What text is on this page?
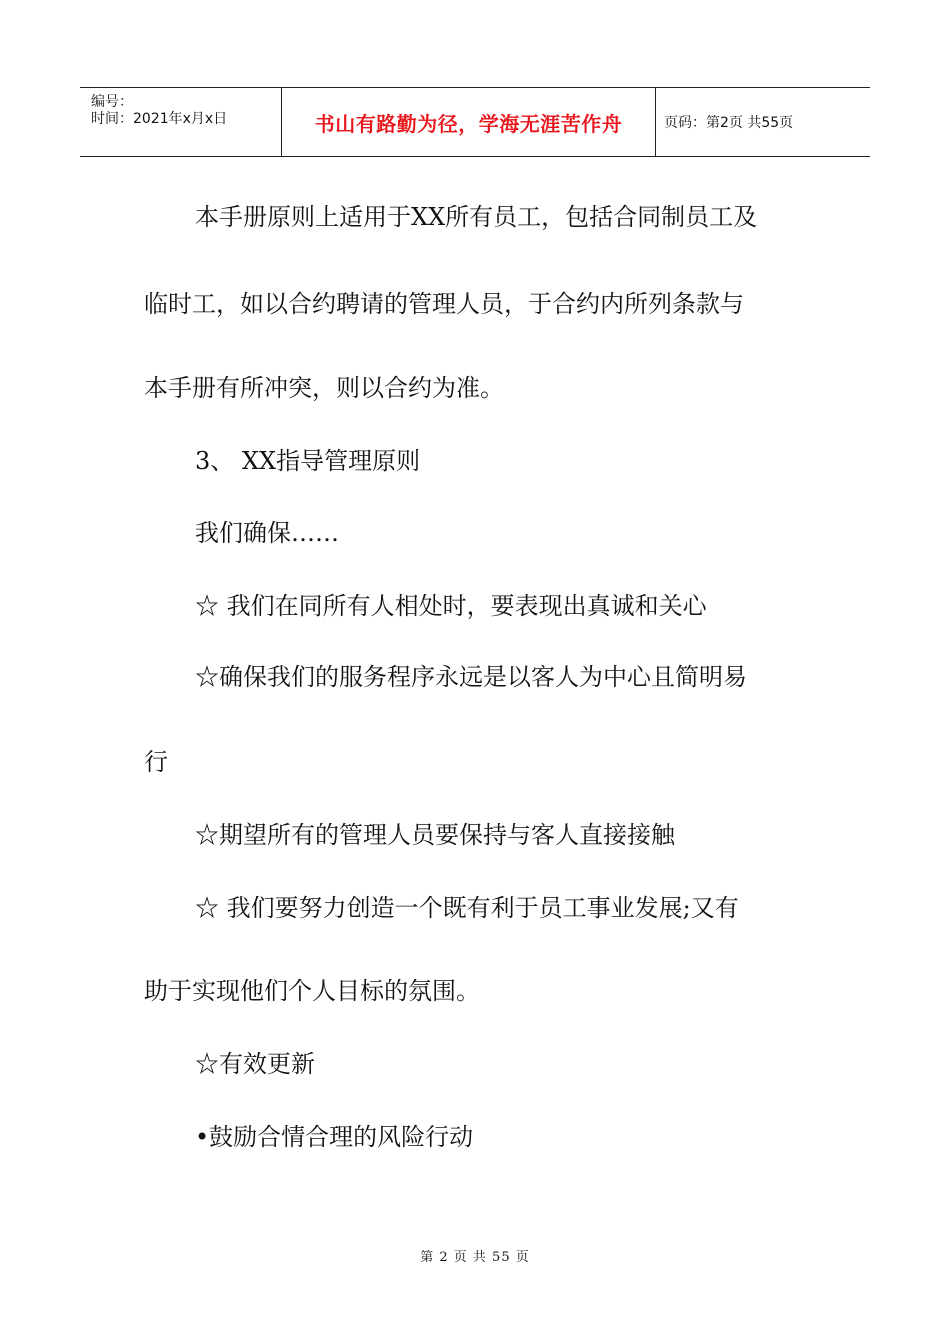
编号：
时间：2021年x月x日	书山有路勤为径，学海无涯苦作舟	页码：第2页 共55页
本手册原则上适用于XX所有员工，包括合同制员工及
临时工，如以合约聘请的管理人员，于合约内所列条款与
本手册有所冲突，则以合约为准。
3、 XX指导管理原则
我们确保……
☆ 我们在同所有人相处时，要表现出真诚和关心
☆确保我们的服务程序永远是以客人为中心且简明易
行
☆期望所有的管理人员要保持与客人直接接触
☆ 我们要努力创造一个既有利于员工事业发展;又有
助于实现他们个人目标的氛围。
☆有效更新
•鼓励合情合理的风险行动
第 2 页 共 55 页
